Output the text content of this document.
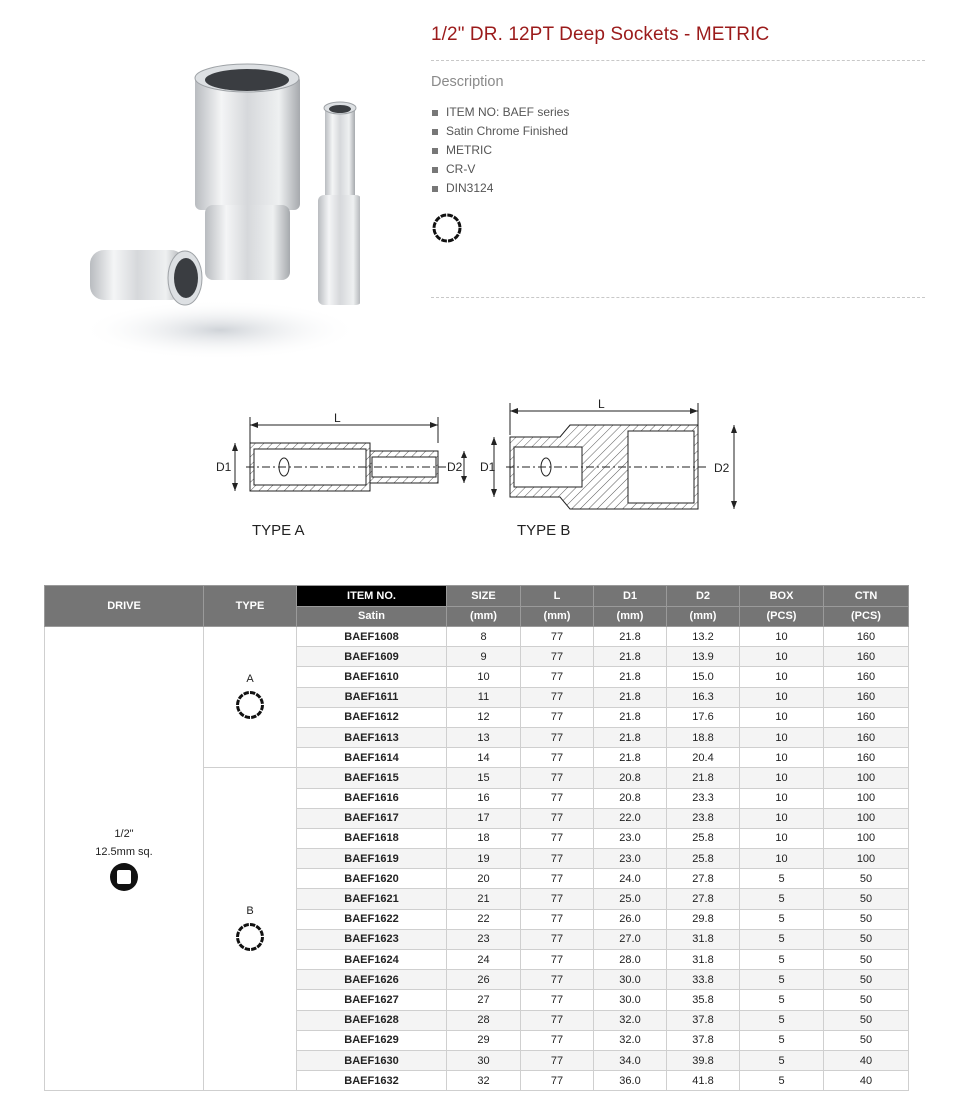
1/2" DR. 12PT Deep Sockets - METRIC
Description
ITEM NO: BAEF series
Satin Chrome Finished
METRIC
CR-V
DIN3124
L
D1	D2
TYPE A
L
D1	D2
TYPE B
DRIVE	TYPE	ITEM NO.	SIZE	L	D1	D2	BOX	CTN
		Satin	(mm)	(mm)	(mm)	(mm)	(PCS)	(PCS)

1/2"
12.5mm sq.	A	BAEF1608	8	77	21.8	13.2	10	160
		BAEF1609	9	77	21.8	13.9	10	160
		BAEF1610	10	77	21.8	15.0	10	160
		BAEF1611	11	77	21.8	16.3	10	160
		BAEF1612	12	77	21.8	17.6	10	160
		BAEF1613	13	77	21.8	18.8	10	160
		BAEF1614	14	77	21.8	20.4	10	160

	B	BAEF1615	15	77	20.8	21.8	10	100
		BAEF1616	16	77	20.8	23.3	10	100
		BAEF1617	17	77	22.0	23.8	10	100
		BAEF1618	18	77	23.0	25.8	10	100
		BAEF1619	19	77	23.0	25.8	10	100
		BAEF1620	20	77	24.0	27.8	5	50
		BAEF1621	21	77	25.0	27.8	5	50
		BAEF1622	22	77	26.0	29.8	5	50
		BAEF1623	23	77	27.0	31.8	5	50
		BAEF1624	24	77	28.0	31.8	5	50
		BAEF1626	26	77	30.0	33.8	5	50
		BAEF1627	27	77	30.0	35.8	5	50
		BAEF1628	28	77	32.0	37.8	5	50
		BAEF1629	29	77	32.0	37.8	5	50
		BAEF1630	30	77	34.0	39.8	5	40
		BAEF1632	32	77	36.0	41.8	5	40
